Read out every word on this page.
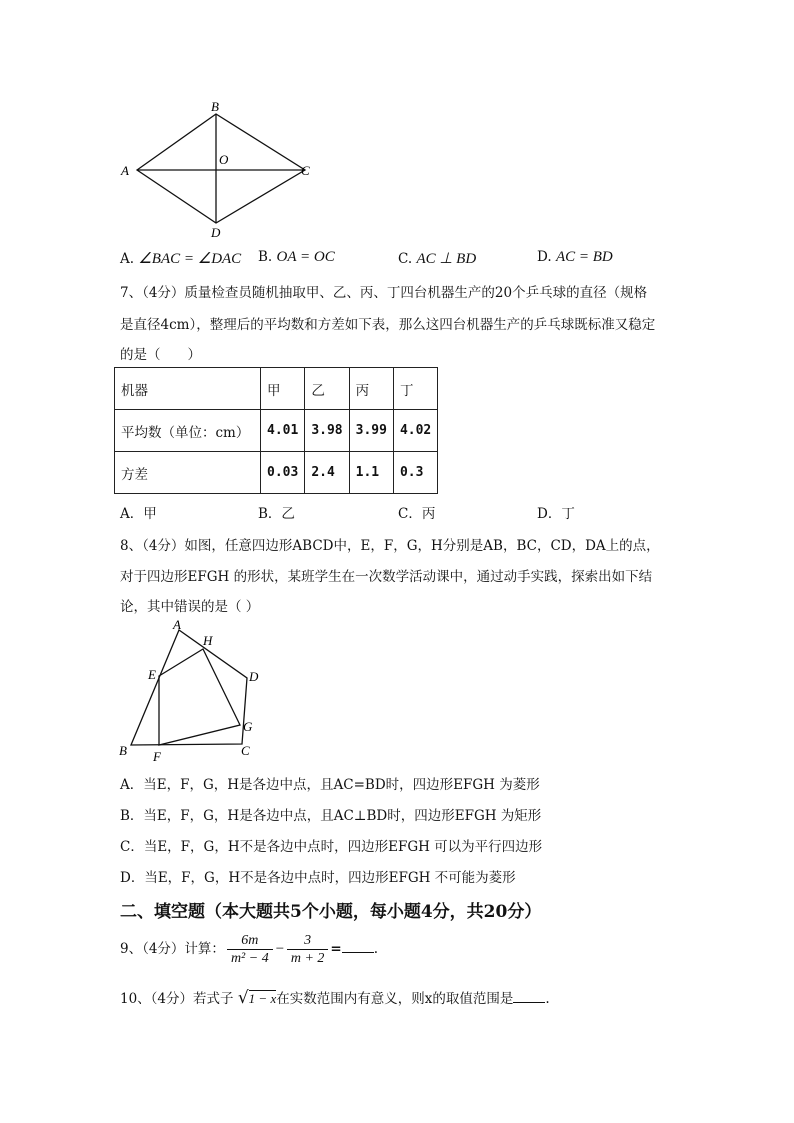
A
B
C
D
O
A. ∠BAC = ∠DAC B. OA = OC	C. AC ⊥ BD	D. AC = BD
7、（4分）质量检查员随机抽取甲、乙、丙、丁四台机器生产的20个乒乓球的直径（规格
是直径4cm），整理后的平均数和方差如下表，那么这四台机器生产的乒乓球既标准又稳定
的是（　　）
机器	甲	乙	丙	丁
平均数（单位：cm）	4.01	3.98	3.99	4.02
方差	0.03	2.4	1.1	0.3
A．甲	B．乙	C．丙	D．丁
8、（4分）如图，任意四边形ABCD中，E，F，G，H分别是AB，BC，CD，DA上的点，
对于四边形EFGH 的形状，某班学生在一次数学活动课中，通过动手实践，探索出如下结
论，其中错误的是（ ）
A
H
E	D
G
B F	C
A．当E，F，G，H是各边中点，且AC=BD时，四边形EFGH 为菱形
B．当E，F，G，H是各边中点，且AC⊥BD时，四边形EFGH 为矩形
C．当E，F，G，H不是各边中点时，四边形EFGH 可以为平行四边形
D．当E，F，G，H不是各边中点时，四边形EFGH 不可能为菱形
二、填空题（本大题共5个小题，每小题4分，共20分）
9、（4分）计算： $\frac{6m}{\text{m² − 4}} - \frac{3}{m + 2}$ = .
10、（4分）若式子 √1 − x在实数范围内有意义，则x的取值范围是 .
